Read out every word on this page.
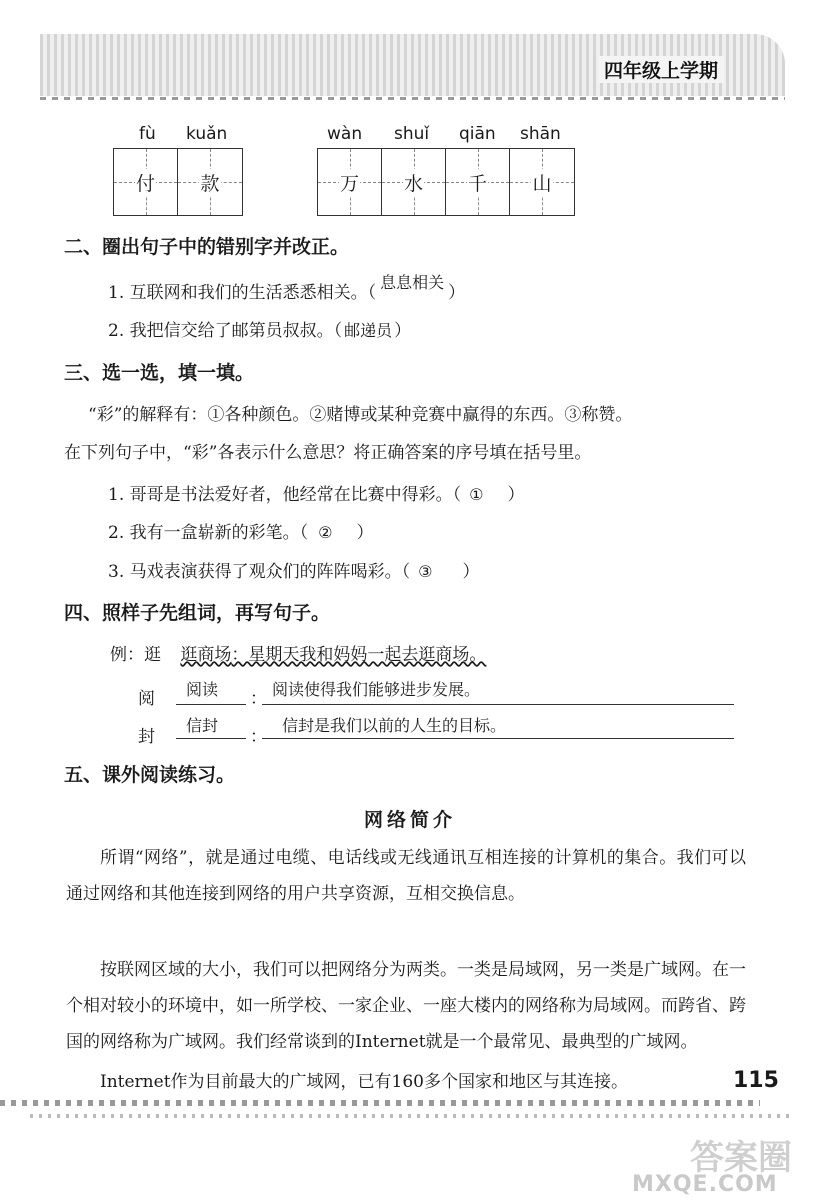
四年级上学期
fù kuǎn
付 款
wàn shuǐ qiān shān
万 水 千 山
二、圈出句子中的错别字并改正。
1. 互联网和我们的生活悉悉相关。（息息相关）
2. 我把信交给了邮第员叔叔。（ 邮递员 ）
三、选一选，填一填。
“彩”的解释有：①各种颜色。②赌博或某种竞赛中赢得的东西。③称赞。
在下列句子中，“彩”各表示什么意思？将正确答案的序号填在括号里。
1. 哥哥是书法爱好者，他经常在比赛中得彩。（ ① ）
2. 我有一盒崭新的彩笔。（ ② ）
3. 马戏表演获得了观众们的阵阵喝彩。（ ③ ）
四、照样子先组词，再写句子。
例：逛 逛商场：星期天我和妈妈一起去逛商场。
阅 阅读 ： 阅读使得我们能够进步发展。
封
信封
：
信封是我们以前的人生的目标。
五、课外阅读练习。
网络简介

所谓“网络”，就是通过电缆、电话线或无线通讯互相连接的计算机的集合。我们可以通过网络和其他连接到网络的用户共享资源，互相交换信息。

按联网区域的大小，我们可以把网络分为两类。一类是局域网，另一类是广域网。在一个相对较小的环境中，如一所学校、一家企业、一座大楼内的网络称为局域网。而跨省、跨国的网络称为广域网。我们经常谈到的Internet就是一个最常见、最典型的广域网。

Internet作为目前最大的广域网，已有160多个国家和地区与其连接。	115
答案圈
MXQE.COM
